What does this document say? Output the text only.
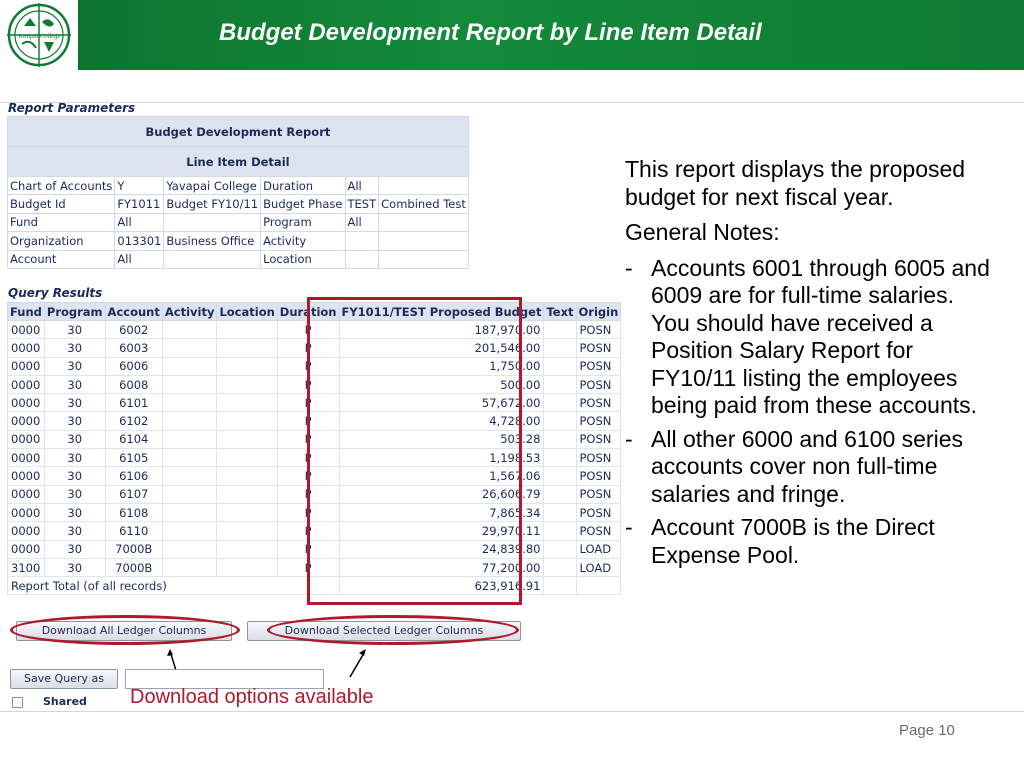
Yavapai College	Budget Development Report by Line Item Detail
Report Parameters
Budget Development Report					
Line Item Detail					
Chart of Accounts	Y	Yavapai College	Duration	All	
Budget Id	FY1011	Budget FY10/11	Budget Phase	TEST	Combined Test
Fund	All		Program	All	
Organization	013301	Business Office	Activity		
Account	All		Location		
Query Results
Fund	Program	Account	Activity	Location	Duration	FY1011/TEST Proposed Budget	Text	Origin
0000	30	6002			P	187,970.00		POSN
0000	30	6003			P	201,546.00		POSN
0000	30	6006			P	1,750.00		POSN
0000	30	6008			P	500.00		POSN
0000	30	6101			P	57,672.00		POSN
0000	30	6102			P	4,728.00		POSN
0000	30	6104			P	503.28		POSN
0000	30	6105			P	1,198.53		POSN
0000	30	6106			P	1,567.06		POSN
0000	30	6107			P	26,606.79		POSN
0000	30	6108			P	7,865.34		POSN
0000	30	6110			P	29,970.11		POSN
0000	30	7000B			P	24,839.80		LOAD
3100	30	7000B			P	77,200.00		LOAD
Report Total (of all records)						623,916.91		
Download All Ledger Columns	Download Selected Ledger Columns
Save Query as
Shared Download options available

This report displays the proposed budget for next fiscal year.

General Notes:

- Accounts 6001 through 6005 and 6009 are for full-time salaries. You should have received a Position Salary Report for FY10/11 listing the employees being paid from these accounts.
- All other 6000 and 6100 series accounts cover non full-time salaries and fringe.
- Account 7000B is the Direct Expense Pool.
Page 10
